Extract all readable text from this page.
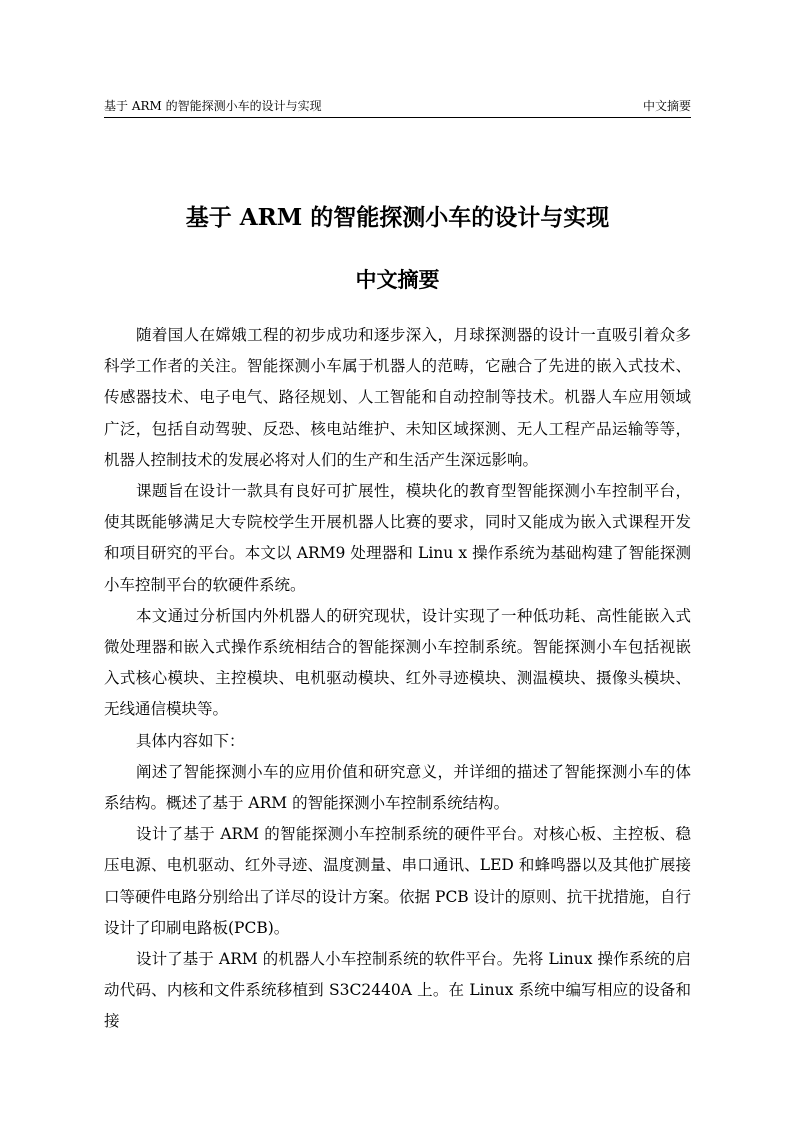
基于 ARM 的智能探测小车的设计与实现	中文摘要
基于 ARM 的智能探测小车的设计与实现
中文摘要

随着国人在嫦娥工程的初步成功和逐步深入，月球探测器的设计一直吸引着众多科学工作者的关注。智能探测小车属于机器人的范畴，它融合了先进的嵌入式技术、传感器技术、电子电气、路径规划、人工智能和自动控制等技术。机器人车应用领域广泛，包括自动驾驶、反恐、核电站维护、未知区域探测、无人工程产品运输等等，机器人控制技术的发展必将对人们的生产和生活产生深远影响。

课题旨在设计一款具有良好可扩展性，模块化的教育型智能探测小车控制平台，使其既能够满足大专院校学生开展机器人比赛的要求，同时又能成为嵌入式课程开发和项目研究的平台。本文以 ARM9 处理器和 Linu x 操作系统为基础构建了智能探测小车控制平台的软硬件系统。

本文通过分析国内外机器人的研究现状，设计实现了一种低功耗、高性能嵌入式微处理器和嵌入式操作系统相结合的智能探测小车控制系统。智能探测小车包括视嵌入式核心模块、主控模块、电机驱动模块、红外寻迹模块、测温模块、摄像头模块、无线通信模块等。

具体内容如下：

阐述了智能探测小车的应用价值和研究意义，并详细的描述了智能探测小车的体系结构。概述了基于 ARM 的智能探测小车控制系统结构。

设计了基于 ARM 的智能探测小车控制系统的硬件平台。对核心板、主控板、稳压电源、电机驱动、红外寻迹、温度测量、串口通讯、LED 和蜂鸣器以及其他扩展接口等硬件电路分别给出了详尽的设计方案。依据 PCB 设计的原则、抗干扰措施，自行设计了印刷电路板(PCB)。

设计了基于 ARM 的机器人小车控制系统的软件平台。先将 Linux 操作系统的启动代码、内核和文件系统移植到 S3C2440A 上。在 Linux 系统中编写相应的设备和接
